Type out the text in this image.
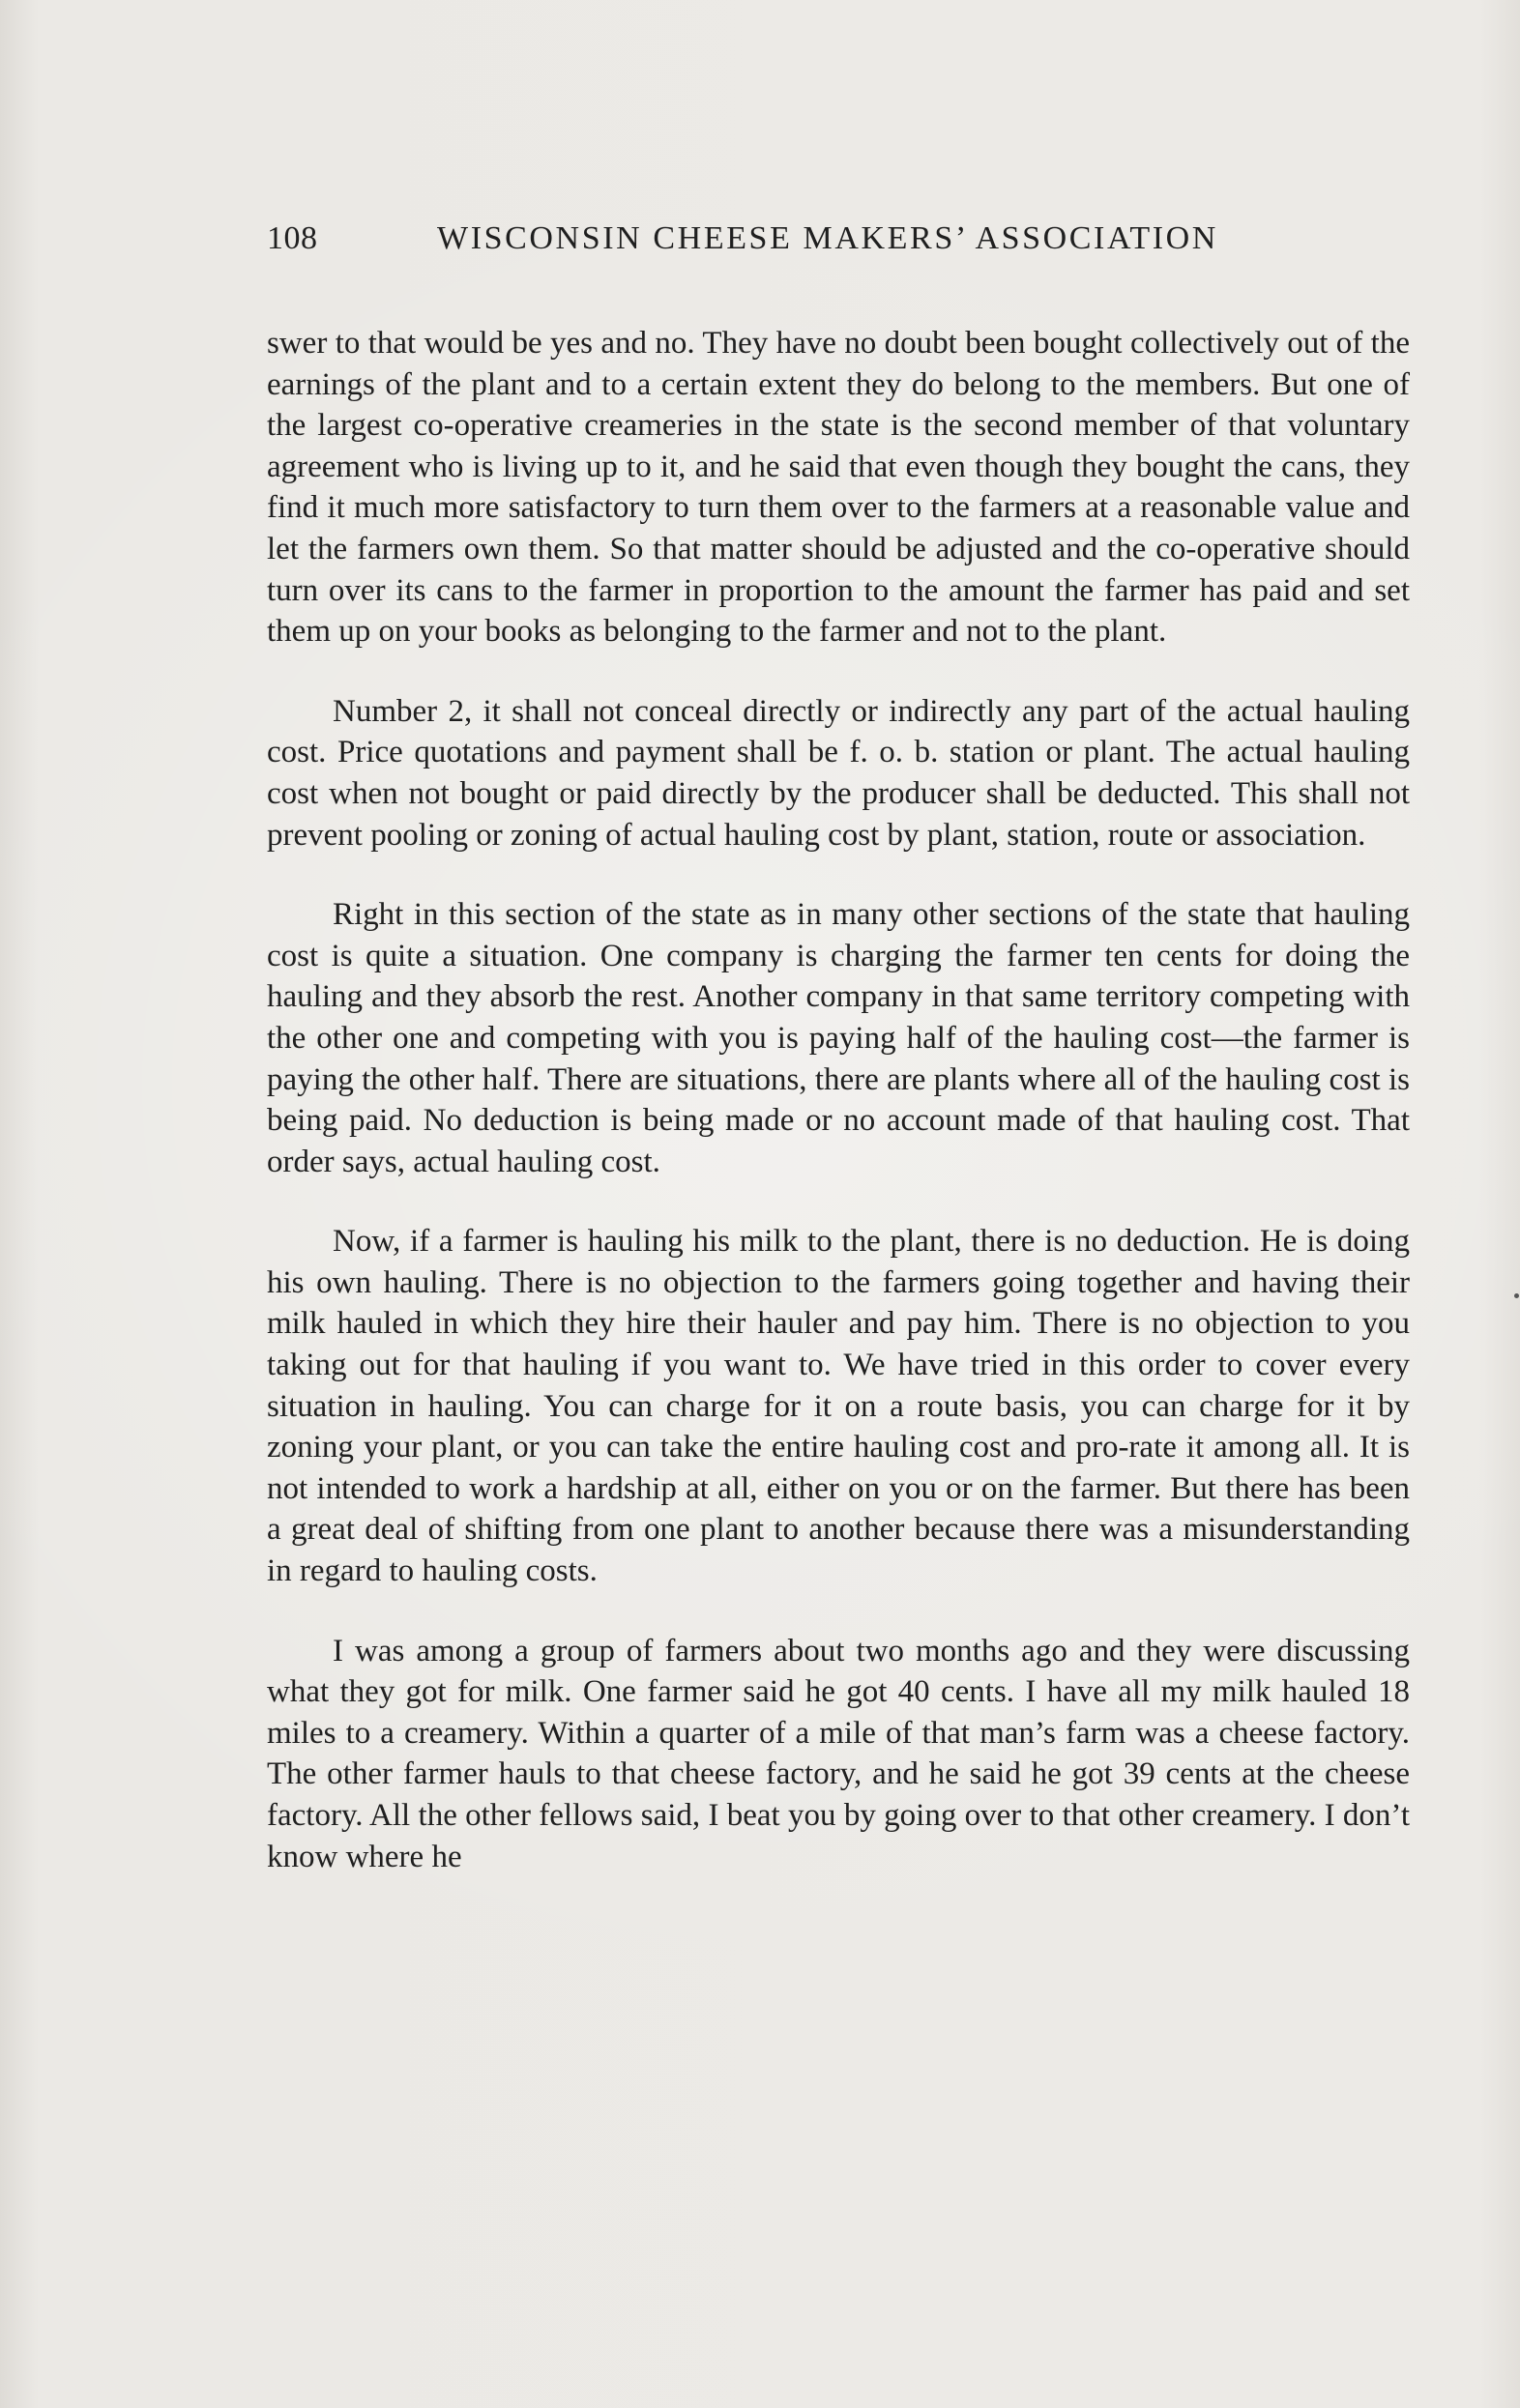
108	WISCONSIN CHEESE MAKERS’ ASSOCIATION

swer to that would be yes and no. They have no doubt been bought collectively out of the earnings of the plant and to a certain extent they do belong to the members. But one of the largest co-operative creameries in the state is the second member of that voluntary agreement who is living up to it, and he said that even though they bought the cans, they find it much more satisfactory to turn them over to the farmers at a reasonable value and let the farmers own them. So that matter should be adjusted and the co-operative should turn over its cans to the farmer in proportion to the amount the farmer has paid and set them up on your books as belonging to the farmer and not to the plant.

Number 2, it shall not conceal directly or indirectly any part of the actual hauling cost. Price quotations and payment shall be f. o. b. station or plant. The actual hauling cost when not bought or paid directly by the producer shall be deducted. This shall not prevent pooling or zoning of actual hauling cost by plant, station, route or association.

Right in this section of the state as in many other sections of the state that hauling cost is quite a situation. One company is charging the farmer ten cents for doing the hauling and they absorb the rest. Another company in that same territory competing with the other one and competing with you is paying half of the hauling cost—the farmer is paying the other half. There are situations, there are plants where all of the hauling cost is being paid. No deduction is being made or no account made of that hauling cost. That order says, actual hauling cost.

Now, if a farmer is hauling his milk to the plant, there is no deduction. He is doing his own hauling. There is no objection to the farmers going together and having their milk hauled in which they hire their hauler and pay him. There is no objection to you taking out for that hauling if you want to. We have tried in this order to cover every situation in hauling. You can charge for it on a route basis, you can charge for it by zoning your plant, or you can take the entire hauling cost and pro-rate it among all. It is not intended to work a hardship at all, either on you or on the farmer. But there has been a great deal of shifting from one plant to another because there was a misunderstanding in regard to hauling costs.

I was among a group of farmers about two months ago and they were discussing what they got for milk. One farmer said he got 40 cents. I have all my milk hauled 18 miles to a creamery. Within a quarter of a mile of that man’s farm was a cheese factory. The other farmer hauls to that cheese factory, and he said he got 39 cents at the cheese factory. All the other fellows said, I beat you by going over to that other creamery. I don’t know where he
